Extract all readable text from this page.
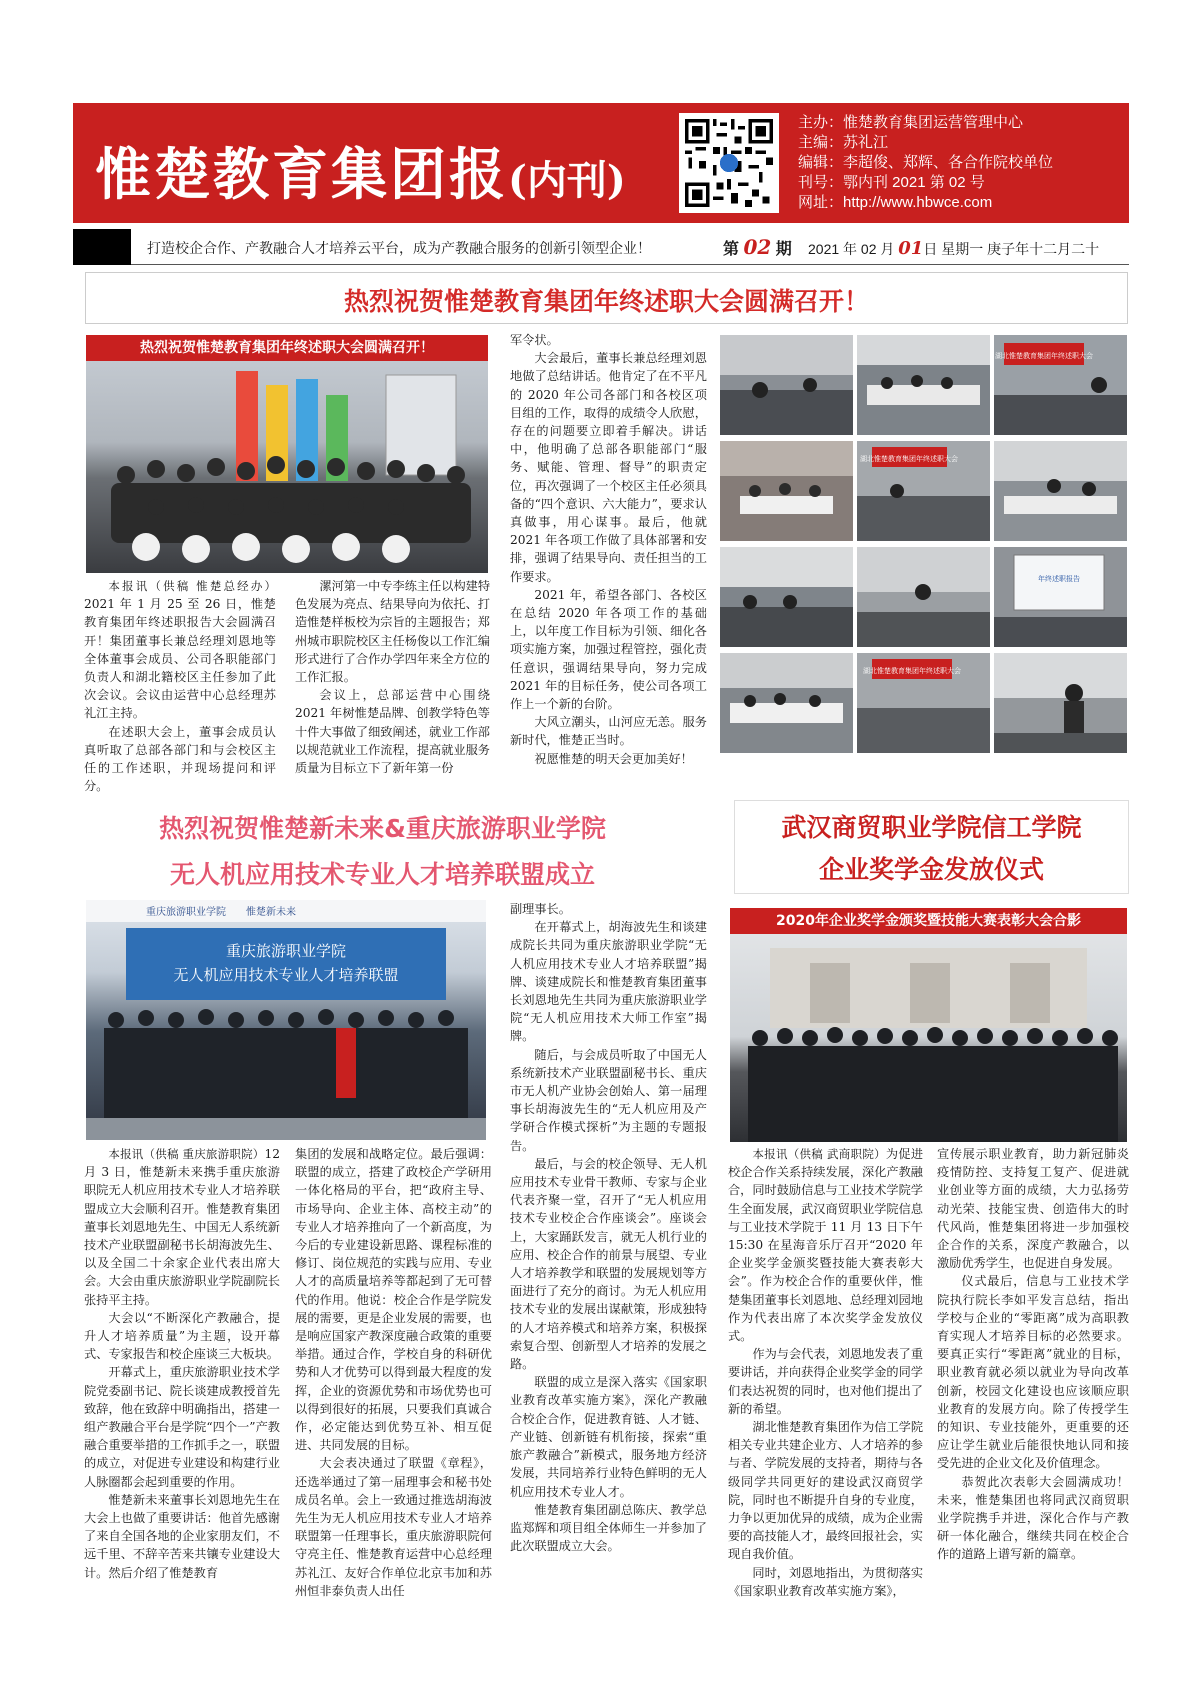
惟楚教育集团报(内刊)
主办：惟楚教育集团运营管理中心
主编：苏礼江
编辑：李超俊、郑辉、各合作院校单位
刊号：鄂内刊 2021 第 02 号
网址：http://www.hbwce.com
打造校企合作、产教融合人才培养云平台，成为产教融合服务的创新引领型企业！	第 02 期 2021 年 02 月 01日 星期一 庚子年十二月二十
热烈祝贺惟楚教育集团年终述职大会圆满召开！
热烈祝贺惟楚教育集团年终述职大会圆满召开！

本报讯（供稿 惟楚总经办）2021 年 1 月 25 至 26 日，惟楚教育集团年终述职报告大会圆满召开！集团董事长兼总经理刘恩地等全体董事会成员、公司各职能部门负责人和湖北籍校区主任参加了此次会议。会议由运营中心总经理苏礼江主持。

在述职大会上，董事会成员认真听取了总部各部门和与会校区主任的工作述职，并现场提问和评分。

漯河第一中专李练主任以构建特色发展为亮点、结果导向为依托、打造惟楚样板校为宗旨的主题报告；郑州城市职院校区主任杨俊以工作汇编形式进行了合作办学四年来全方位的工作汇报。

会议上，总部运营中心围绕 2021 年树惟楚品牌、创教学特色等十件大事做了细致阐述，就业工作部以规范就业工作流程，提高就业服务质量为目标立下了新年第一份

军令状。

大会最后，董事长兼总经理刘恩地做了总结讲话。他肯定了在不平凡的 2020 年公司各部门和各校区项目组的工作，取得的成绩令人欣慰，存在的问题要立即着手解决。讲话中，他明确了总部各职能部门“服务、赋能、管理、督导”的职责定位，再次强调了一个校区主任必须具备的“四个意识、六大能力”，要求认真做事，用心谋事。最后，他就 2021 年各项工作做了具体部署和安排，强调了结果导向、责任担当的工作要求。

2021 年，希望各部门、各校区在总结 2020 年各项工作的基础上，以年度工作目标为引领、细化各项实施方案，加强过程管控，强化责任意识，强调结果导向，努力完成 2021 年的目标任务，使公司各项工作上一个新的台阶。

大风立潮头，山河应无恙。服务新时代，惟楚正当时。

祝愿惟楚的明天会更加美好！

湖北惟楚教育集团年终述职大会
湖北惟楚教育集团年终述职大会
年终述职报告
湖北惟楚教育集团年终述职大会
热烈祝贺惟楚新未来&重庆旅游职业学院
无人机应用技术专业人才培养联盟成立
重庆旅游职业学院 惟楚新未来
重庆旅游职业学院
无人机应用技术专业人才培养联盟

本报讯（供稿 重庆旅游职院）12 月 3 日，惟楚新未来携手重庆旅游职院无人机应用技术专业人才培养联盟成立大会顺利召开。惟楚教育集团董事长刘恩地先生、中国无人系统新技术产业联盟副秘书长胡海波先生、以及全国二十余家企业代表出席大会。大会由重庆旅游职业学院副院长张持平主持。

大会以“不断深化产教融合，提升人才培养质量”为主题，设开幕式、专家报告和校企座谈三大板块。

开幕式上，重庆旅游职业技术学院党委副书记、院长谈建成教授首先致辞，他在致辞中明确指出，搭建一组产教融合平台是学院“四个一”产教融合重要举措的工作抓手之一，联盟的成立，对促进专业建设和构建行业人脉圈都会起到重要的作用。

惟楚新未来董事长刘恩地先生在大会上也做了重要讲话：他首先感谢了来自全国各地的企业家朋友们，不远千里、不辞辛苦来共镶专业建设大计。然后介绍了惟楚教育

集团的发展和战略定位。最后强调：联盟的成立，搭建了政校企产学研用一体化格局的平台，把“政府主导、市场导向、企业主体、高校主动”的专业人才培养推向了一个新高度，为今后的专业建设新思路、课程标准的修订、岗位规范的实践与应用、专业人才的高质量培养等都起到了无可替代的作用。他说：校企合作是学院发展的需要，更是企业发展的需要，也是响应国家产教深度融合政策的重要举措。通过合作，学校自身的科研优势和人才优势可以得到最大程度的发挥，企业的资源优势和市场优势也可以得到很好的拓展，只要我们真诚合作，必定能达到优势互补、相互促进、共同发展的目标。

大会表决通过了联盟《章程》，还选举通过了第一届理事会和秘书处成员名单。会上一致通过推选胡海波先生为无人机应用技术专业人才培养联盟第一任理事长，重庆旅游职院何守亮主任、惟楚教育运营中心总经理苏礼江、友好合作单位北京韦加和苏州恒非泰负责人出任

副理事长。

在开幕式上，胡海波先生和谈建成院长共同为重庆旅游职业学院“无人机应用技术专业人才培养联盟”揭牌、谈建成院长和惟楚教育集团董事长刘恩地先生共同为重庆旅游职业学院“无人机应用技术大师工作室”揭牌。

随后，与会成员听取了中国无人系统新技术产业联盟副秘书长、重庆市无人机产业协会创始人、第一届理事长胡海波先生的“无人机应用及产学研合作模式探析”为主题的专题报告。

最后，与会的校企领导、无人机应用技术专业骨干教师、专家与企业代表齐聚一堂，召开了“无人机应用技术专业校企合作座谈会”。座谈会上，大家踊跃发言，就无人机行业的应用、校企合作的前景与展望、专业人才培养教学和联盟的发展规划等方面进行了充分的商讨。为无人机应用技术专业的发展出谋献策，形成独特的人才培养模式和培养方案，积极探索复合型、创新型人才培养的发展之路。

联盟的成立是深入落实《国家职业教育改革实施方案》，深化产教融合校企合作，促进教育链、人才链、产业链、创新链有机衔接，探索“重旅产教融合”新模式，服务地方经济发展，共同培养行业特色鲜明的无人机应用技术专业人才。

惟楚教育集团副总陈庆、教学总监郑辉和项目组全体师生一并参加了此次联盟成立大会。

武汉商贸职业学院信工学院
企业奖学金发放仪式
2020年企业奖学金颁奖暨技能大赛表彰大会合影

本报讯（供稿 武商职院）为促进校企合作关系持续发展，深化产教融合，同时鼓励信息与工业技术学院学生全面发展，武汉商贸职业学院信息与工业技术学院于 11 月 13 日下午 15:30 在星海音乐厅召开“2020 年企业奖学金颁奖暨技能大赛表彰大会”。作为校企合作的重要伙伴，惟楚集团董事长刘恩地、总经理刘园地作为代表出席了本次奖学金发放仪式。

作为与会代表，刘恩地发表了重要讲话，并向获得企业奖学金的同学们表达祝贺的同时，也对他们提出了新的希望。

湖北惟楚教育集团作为信工学院相关专业共建企业方、人才培养的参与者、学院发展的支持者，期待与各级同学共同更好的建设武汉商贸学院，同时也不断提升自身的专业度，力争以更加优异的成绩，成为企业需要的高技能人才，最终回报社会，实现自我价值。

同时，刘恩地指出，为贯彻落实《国家职业教育改革实施方案》，

宣传展示职业教育，助力新冠肺炎疫情防控、支持复工复产、促进就业创业等方面的成绩，大力弘扬劳动光荣、技能宝贵、创造伟大的时代风尚，惟楚集团将进一步加强校企合作的关系，深度产教融合，以激励优秀学生，也促进自身发展。

仪式最后，信息与工业技术学院执行院长李如平发言总结，指出学校与企业的“零距离”成为高职教育实现人才培养目标的必然要求。要真正实行“零距离”就业的目标，职业教育就必须以就业为导向改革创新，校园文化建设也应该顺应职业教育的发展方向。除了传授学生的知识、专业技能外，更重要的还应让学生就业后能很快地认同和接受先进的企业文化及价值理念。

恭贺此次表彰大会圆满成功！未来，惟楚集团也将同武汉商贸职业学院携手并进，深化合作与产教研一体化融合，继续共同在校企合作的道路上谱写新的篇章。
